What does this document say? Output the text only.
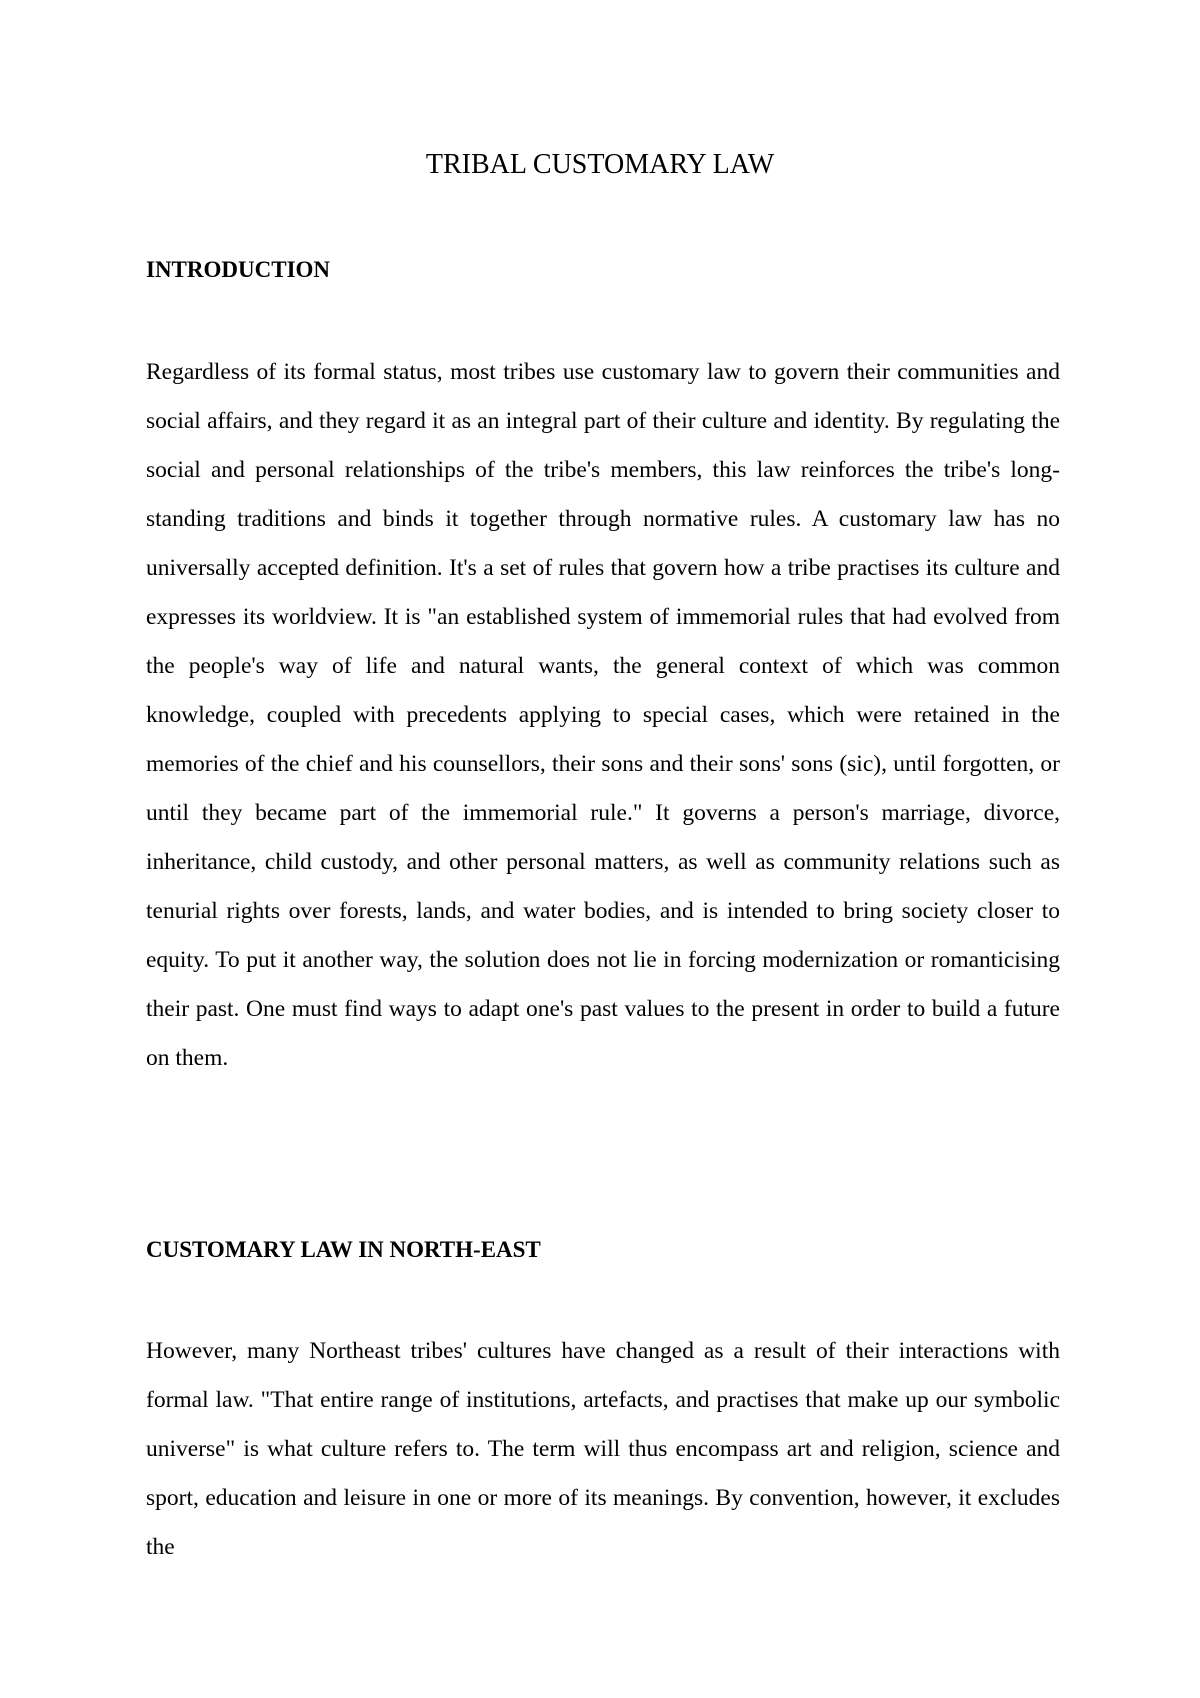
TRIBAL CUSTOMARY LAW
INTRODUCTION

Regardless of its formal status, most tribes use customary law to govern their communities and social affairs, and they regard it as an integral part of their culture and identity. By regulating the social and personal relationships of the tribe's members, this law reinforces the tribe's long-standing traditions and binds it together through normative rules. A customary law has no universally accepted definition. It's a set of rules that govern how a tribe practises its culture and expresses its worldview. It is "an established system of immemorial rules that had evolved from the people's way of life and natural wants, the general context of which was common knowledge, coupled with precedents applying to special cases, which were retained in the memories of the chief and his counsellors, their sons and their sons' sons (sic), until forgotten, or until they became part of the immemorial rule." It governs a person's marriage, divorce, inheritance, child custody, and other personal matters, as well as community relations such as tenurial rights over forests, lands, and water bodies, and is intended to bring society closer to equity. To put it another way, the solution does not lie in forcing modernization or romanticising their past. One must find ways to adapt one's past values to the present in order to build a future on them.

CUSTOMARY LAW IN NORTH-EAST

However, many Northeast tribes' cultures have changed as a result of their interactions with formal law. "That entire range of institutions, artefacts, and practises that make up our symbolic universe" is what culture refers to. The term will thus encompass art and religion, science and sport, education and leisure in one or more of its meanings. By convention, however, it excludes the
